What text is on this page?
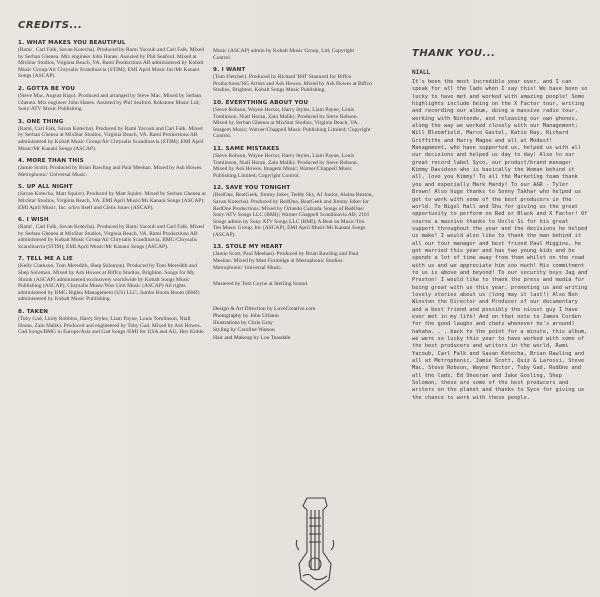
CREDITS...
1. WHAT MAKES YOU BEAUTIFUL

(Rami , Carl Falk, Savan Kotecha). Produced by Rami Yacoub and Carl Falk. Mixed by Serban Ghenea. Mix engineer John Hanes. Assisted by Phil Seaford. Mixed at MixStar Studios, Virginia Beach, VA. Rami Productions AB administered by Kobalt Music Group/Air Chrysalis Scandinavia (STIM); EMI April Music Inc/Mr Kanani Songs (ASCAP).

2. GOTTA BE YOU

(Steve Mac, August Rigo). Produced and arranged by Steve Mac. Mixed by Serban Ghenea. Mix engineer John Hanes. Assisted by Phil Seaford. Rokstone Music Ltd; Sony/ATV Music Publishing.

3. ONE THING

(Rami, Carl Falk, Savan Kotecha). Produced by Rami Yacoub and Carl Falk. Mixed by Serban Ghenea at MixStar Studios, Virginia Beach, VA. Rami Productions AB administered by Kobalt Music Group/Air Chrysalis Scandinavia (STIM); EMI April Music/Mr Kanani Songs (ASCAP).

4. MORE THAN THIS

(Jamie Scott). Produced by Brian Rawling and Paul Meehan. Mixed by Ash Howes. Metrophonic/ Universal Music.

5. UP ALL NIGHT

(Savan Kotecha, Matt Squire). Produced by Matt Squire. Mixed by Serban Ghenea at MixStar Studios, Virginia Beach, VA. EMI April Music/Mr Kanani Songs (ASCAP); EMI April Music, Inc. o/b/o Itself and Cletis Jones (ASCAP).

6. I WISH

(Rami , Carl Falk, Savan Kotecha). Produced by Rami Yacoub and Carl Falk. Mixed by Serban Ghenea at MixStar Studios, Virginia Beach, VA. Rami Productions AB administered by Kobalt Music Group/Air Chrysalis Scandinavia, BMG/Chrysalis Scandinavia (STIM); EMI April Music/Mr Kanani Songs (ASCAP).

7. TELL ME A LIE

(Kelly Clarkson, Tom Meredith, Shep Solomon). Produced by Tom Meredith and Shep Solomon. Mixed by Ash Howes at Biffco Studios, Brighton. Songs for My Shrink (ASCAP) administered exclusively worldwide by Kobalt Songs Music Publishing (ASCAP); Chrysalis Music/Wax Unit Music (ASCAP) All rights administered by BMG Rights Management (US) LLC; Jumbo Boom Boom (BMI) administered by Kobalt Music Publishing.

8. TAKEN

(Toby Gad, Lindy Robbins, Harry Styles, Liam Payne, Louis Tomlinson, Niall Horan, Zain Malik). Produced and engineered by Toby Gad. Mixed by Ash Howes. Gad Songs/BMG in Europe/Asia and Gad Songs /EMI for USA and AU; Hey Kiddo

Music (ASCAP) admin by Kobalt Music Group, Ltd; Copyright Control.

9. I WANT

(Tom Fletcher). Produced by Richard 'Biff' Stannard for Biffco Productions/365 Artists and Ash Howes. Mixed by Ash Howes at Biffco Studios, Brighton. Kobalt Songs Music Publishing.

10. EVERYTHING ABOUT YOU

(Steve Robson, Wayne Hector, Harry Styles, Liam Payne, Louis Tomlinson, Niall Horan, Zain Malik). Produced by Steve Robson. Mixed by Serban Ghenea at MixStar Studios, Virginia Beach, VA. Imagem Music; Warner/Chappell Music Publishing Limited; Copyright Control.

11. SAME MISTAKES

(Steve Robson, Wayne Hector, Harry Styles, Liam Payne, Louis Tomlinson, Niall Horan, Zain Malik). Produced by Steve Robson. Mixed by Ash Howes. Imagem Music; Warner/Chappell Music Publishing Limited; Copyright Control.

12. SAVE YOU TONIGHT

(RedOne, BeatGeek, Jimmy Joker, Teddy Sky, AJ Junior, Alaina Beaton, Savan Kotecha). Produced by RedOne, BeatGeek and Jimmy Joker for RedOne Productions. Mixed by Orlando Calzada. Songs of RedOne/ Sony/ATV Songs LLC (BMI); Warner Chappell Scandinavia AB; 2101 Songs admin by Sony ATV Songs LLC (BMI); A Beat on Music/Ten Ten Music Group, Inc (ASCAP); EMI April Music/Mr Kanani Songs (ASCAP).

13. STOLE MY HEART

(Jamie Scott, Paul Meehan). Produced by Brian Rawling and Paul Meehan. Mixed by Matt Furmidge at Metrophonic Studios. Metrophonic/ Universal Music.

Mastered by Tom Coyne at Sterling Sound.

Design & Art Direction by LoveCreative.com

Photography by John Urbano

Illustrations by Chris Gray

Styling by Caroline Watson

Hair and Makeup by Lou Teasdale

THANK YOU...
NIALL

It's been the most incredible year ever, and I can speak for all the lads when I say this! We have been so lucky to have met and worked with amazing people! Some highlights include being on the X Factor tour, writing and recording our album, doing a massive radio tour, working with Nintendo, and releasing our own phones, along the way we worked closely with our Management; Will Bloomfield, Marco Gastel, Katie Ray, Richard Griffiths and Harry Magee and all at Modest! Management, who have supported us, helped us with all our decisions and helped us day to day! Also to our great record label Syco, our product/brand manager Kimmy Davidson who is basically the Woman behind it all, love you Kimmy! To all the Marketing team thank you and especially Mark Hardy! To our A&R - Tyler Brown! Also huge thanks to Sonny Takhar who helped us get to work with some of the best producers in the world. To Nigel Hall and Shu for giving us the great opportunity to perform on Red or Black and X Factor! Of course a massive thanks to Uncle Si for his great support throughout the year and the decisions he helped us make! I would also like to thank the man behind it all our tour manager and best friend Paul Higgins, he got married this year and has two young kids and he spends a lot of time away from them whilst on the road with us and we appreciate him soo much! His commitment to us is above and beyond! To our security boys Jag and Preston! I would like to thank the press and media for being great with us this year, promoting us and writing lovely stories about us (long may it last!) Also Ben Winston the Director and Producer of our documentary and a best friend and possibly the nicest guy I have ever met in my life! And on that note to James Corden for the good laughs and chats whenever he's around! hahaha. . . back to the point for a minute, this album, we were so lucky this year to have worked with some of the best producers and writers in the world, Rami Yacoub, Carl Falk and Savan Kotecha, Brian Rawling and all at Metrophonic, Jamie Scott, Quiz & Larossi, Steve Mac, Steve Robson, Wayne Hector, Toby Gad, RedOne and all the lads, Ed Sheeran and Jake Gosling, Shep Solomon, these are some of the best producers and writers on the planet and thanks to Syco for giving us the chance to work with these people.
